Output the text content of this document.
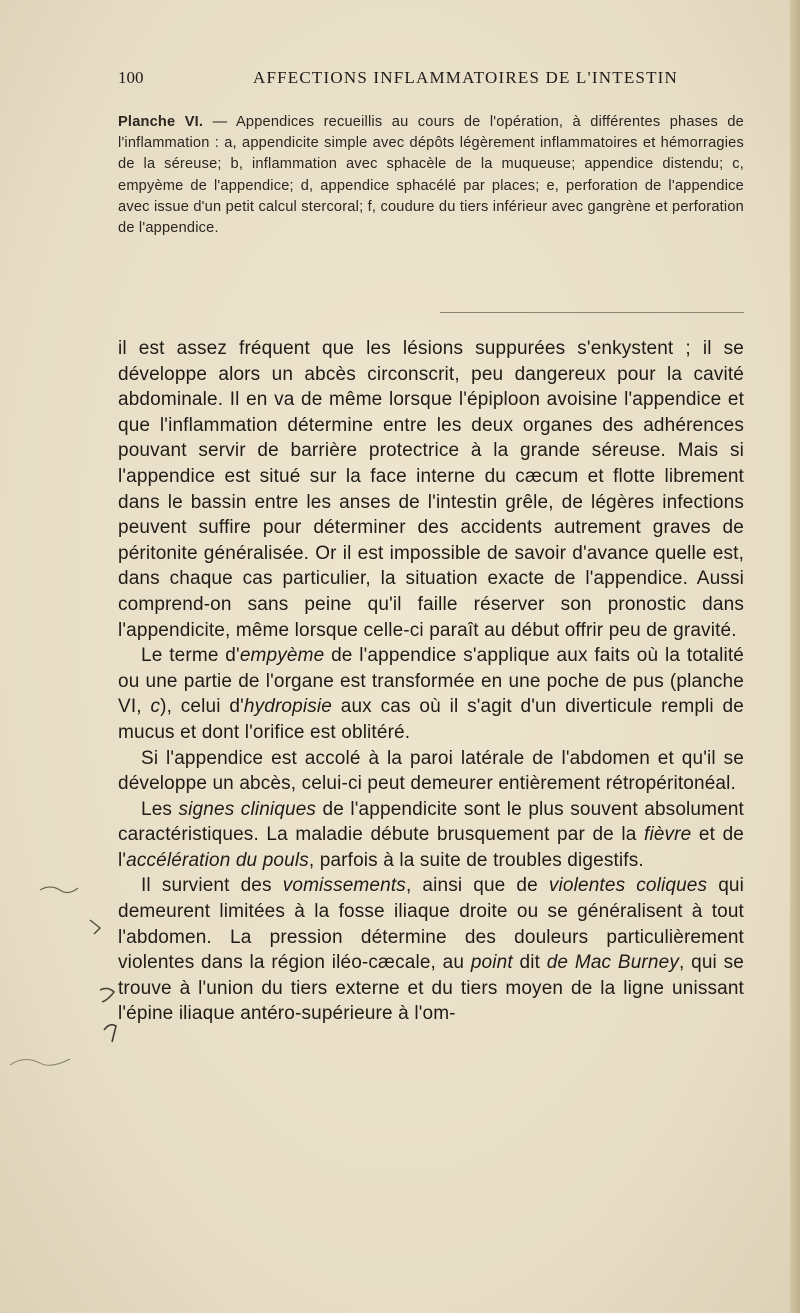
100	AFFECTIONS INFLAMMATOIRES DE L'INTESTIN
Planche VI. — Appendices recueillis au cours de l'opération, à différentes phases de l'inflammation : a, appendicite simple avec dépôts légèrement inflammatoires et hémorragies de la séreuse; b, inflammation avec sphacèle de la muqueuse; appendice distendu; c, empyème de l'appendice; d, appendice sphacélé par places; e, perforation de l'appendice avec issue d'un petit calcul stercoral; f, coudure du tiers inférieur avec gangrène et perforation de l'appendice.

il est assez fréquent que les lésions suppurées s'enkystent ; il se développe alors un abcès circonscrit, peu dangereux pour la cavité abdominale. Il en va de même lorsque l'épiploon avoisine l'appendice et que l'inflammation détermine entre les deux organes des adhérences pouvant servir de barrière protectrice à la grande séreuse. Mais si l'appendice est situé sur la face interne du cæcum et flotte librement dans le bassin entre les anses de l'intestin grêle, de légères infections peuvent suffire pour déterminer des accidents autrement graves de péritonite généralisée. Or il est impossible de savoir d'avance quelle est, dans chaque cas particulier, la situation exacte de l'appendice. Aussi comprend-on sans peine qu'il faille réserver son pronostic dans l'appendicite, même lorsque celle-ci paraît au début offrir peu de gravité.

Le terme d'empyème de l'appendice s'applique aux faits où la totalité ou une partie de l'organe est transformée en une poche de pus (planche VI, c), celui d'hydropisie aux cas où il s'agit d'un diverticule rempli de mucus et dont l'orifice est oblitéré.

Si l'appendice est accolé à la paroi latérale de l'abdomen et qu'il se développe un abcès, celui-ci peut demeurer entièrement rétropéritonéal.

Les signes cliniques de l'appendicite sont le plus souvent absolument caractéristiques. La maladie débute brusquement par de la fièvre et de l'accélération du pouls, parfois à la suite de troubles digestifs.

Il survient des vomissements, ainsi que de violentes coliques qui demeurent limitées à la fosse iliaque droite ou se généralisent à tout l'abdomen. La pression détermine des douleurs particulièrement violentes dans la région iléo-cæcale, au point dit de Mac Burney, qui se trouve à l'union du tiers externe et du tiers moyen de la ligne unissant l'épine iliaque antéro-supérieure à l'om-
